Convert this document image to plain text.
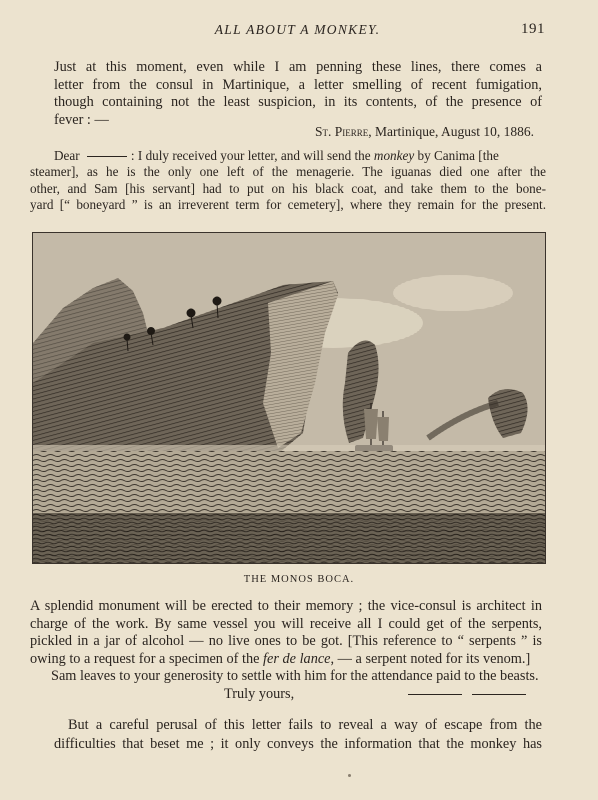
ALL ABOUT A MONKEY.	191
Just at this moment, even while I am penning these lines, there comes a
letter from the consul in Martinique, a letter smelling of recent fumigation,
though containing not the least suspicion, in its contents, of the presence of
fever : —
St. Pierre, Martinique, August 10, 1886.
Dear	: I duly received your letter, and will send the monkey by Canima [the
steamer], as he is the only one left of the menagerie. The iguanas died one after the
other, and Sam [his servant] had to put on his black coat, and take them to the bone-
yard [“ boneyard ” is an irreverent term for cemetery], where they remain for the present.
THE MONOS BOCA.
A splendid monument will be erected to their memory ; the vice-consul is architect in
charge of the work. By same vessel you will receive all I could get of the serpents,
pickled in a jar of alcohol — no live ones to be got. [This reference to “ serpents ” is
owing to a request for a specimen of the fer de lance, — a serpent noted for its venom.]
Sam leaves to your generosity to settle with him for the attendance paid to the beasts.
Truly yours,
But a careful perusal of this letter fails to reveal a way of escape from the
difficulties that beset me ; it only conveys the information that the monkey has
